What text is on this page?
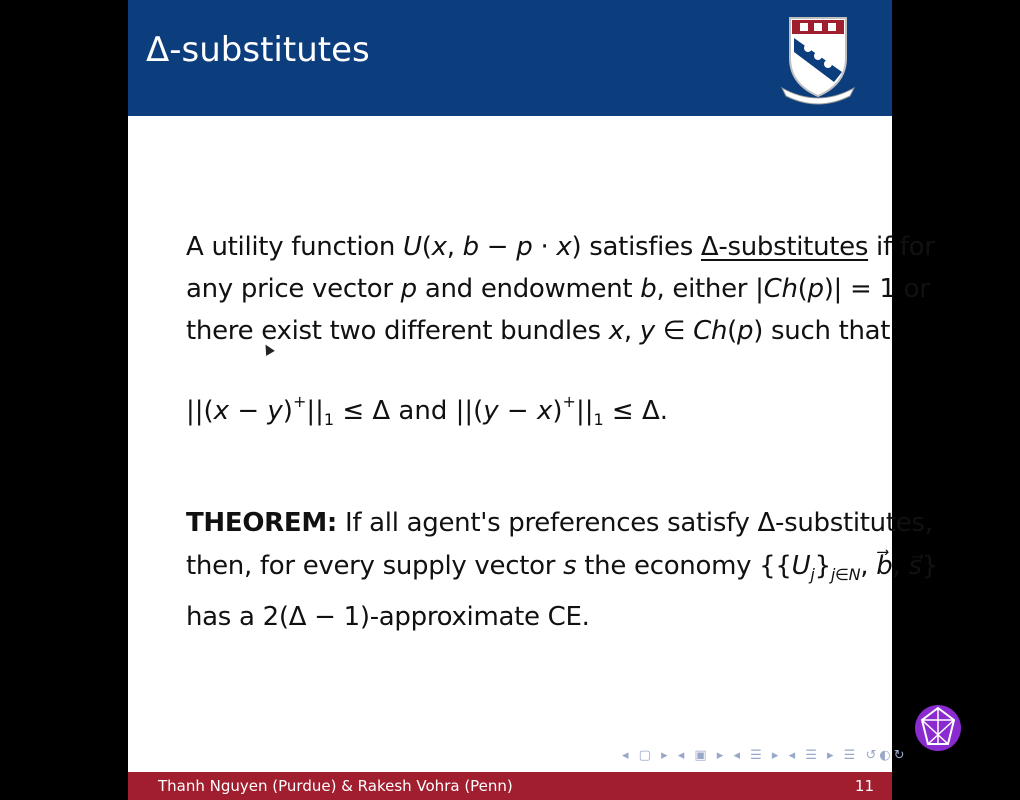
Δ-substitutes
A utility function U(x, b − p · x) satisfies Δ-substitutes if for
any price vector p and endowment b, either |Ch(p)| = 1 or
there exist two different bundles x, y ∈ Ch(p) such that
$||(x - y)^+||_1 \le \Delta$ and $||(y - x)^+||_1 \le \Delta$.
THEOREM: If all agent's preferences satisfy Δ-substitutes,
then, for every supply vector s the economy {$\{U_j\}_{j\in N}$, b⃗, s⃗}
has a 2(Δ − 1)-approximate CE.
◂ ▢ ▸ ◂ ▣ ▸ ◂ ☰ ▸ ◂ ☰ ▸ ☰ ↺◐↻
Thanh Nguyen (Purdue) & Rakesh Vohra (Penn)	11
